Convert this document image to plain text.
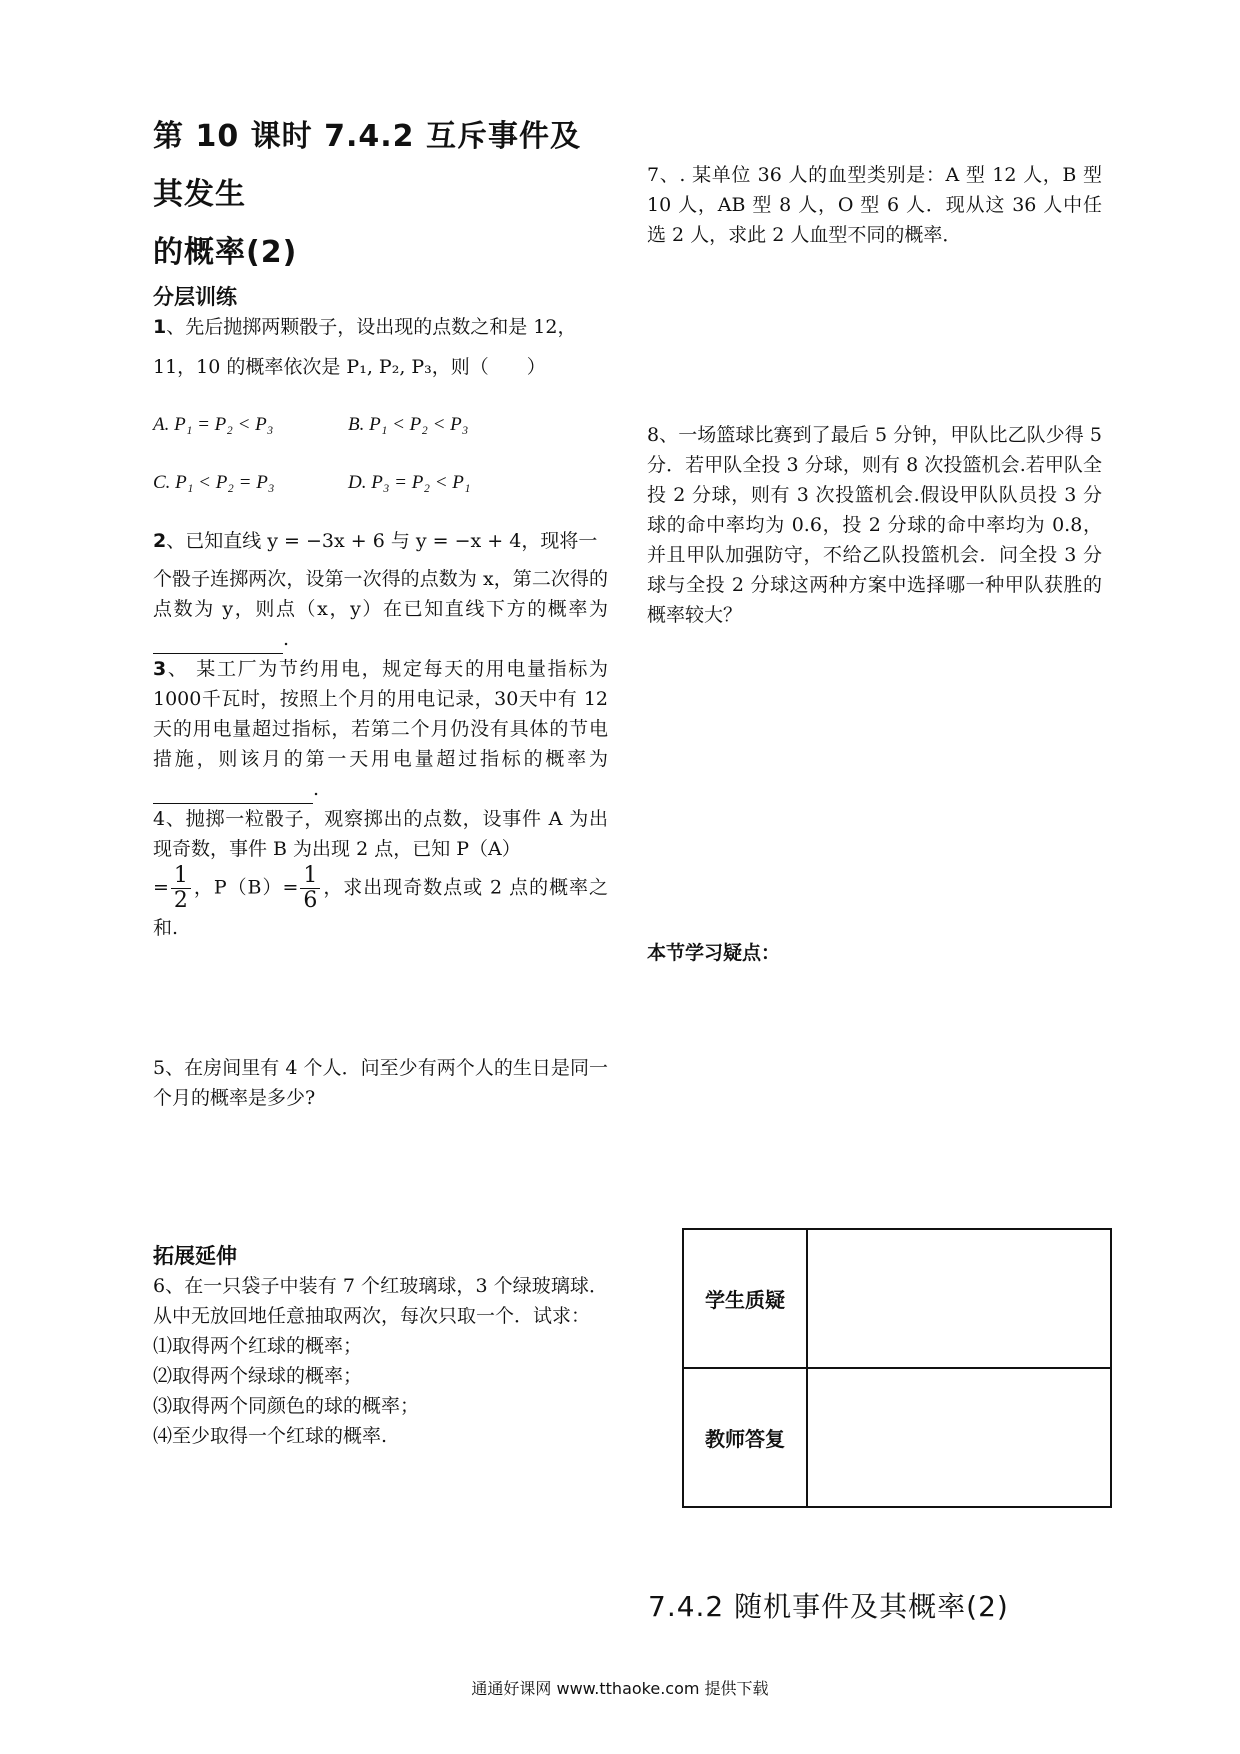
第 10 课时 7.4.2 互斥事件及其发生
的概率(2)
分层训练

1、先后抛掷两颗骰子，设出现的点数之和是 12，

11，10 的概率依次是 P₁, P₂, P₃，则（　　）

A. P₁ = P₂ < P₃	B. P₁ < P₂ < P₃
C. P₁ < P₂ = P₃	D. P₃ = P₂ < P₁

2、已知直线 y = −3x + 6 与 y = −x + 4，现将一

个骰子连掷两次，设第一次得的点数为 x，第二次得的点数为 y，则点（x，y）在已知直线下方的概率为.

3、 某工厂为节约用电，规定每天的用电量指标为1000千瓦时，按照上个月的用电记录，30天中有 12 天的用电量超过指标，若第二个月仍没有具体的节电措施，则该月的第一天用电量超过指标的概率为.

4、抛掷一粒骰子，观察掷出的点数，设事件 A 为出现奇数，事件 B 为出现 2 点，已知 P（A）
= $\frac{1}{2}$ ，$P(B)= \frac{1}{6}$ ，求出现奇数点或 2 点的概率之和.

5、在房间里有 4 个人．问至少有两个人的生日是同一个月的概率是多少?

拓展延伸

6、在一只袋子中装有 7 个红玻璃球，3 个绿玻璃球．从中无放回地任意抽取两次，每次只取一个．试求：

⑴取得两个红球的概率；

⑵取得两个绿球的概率；

⑶取得两个同颜色的球的概率；

⑷至少取得一个红球的概率.

7、. 某单位 36 人的血型类别是：A 型 12 人，B 型 10 人，AB 型 8 人，O 型 6 人．现从这 36 人中任选 2 人，求此 2 人血型不同的概率．

8、一场篮球比赛到了最后 5 分钟，甲队比乙队少得 5 分．若甲队全投 3 分球，则有 8 次投篮机会.若甲队全投 2 分球，则有 3 次投篮机会.假设甲队队员投 3 分球的命中率均为 0.6，投 2 分球的命中率均为 0.8，并且甲队加强防守，不给乙队投篮机会．问全投 3 分球与全投 2 分球这两种方案中选择哪一种甲队获胜的概率较大？

本节学习疑点：
学生质疑	
教师答复	
7.4.2 随机事件及其概率(2)
通通好课网 www.tthaoke.com 提供下载
